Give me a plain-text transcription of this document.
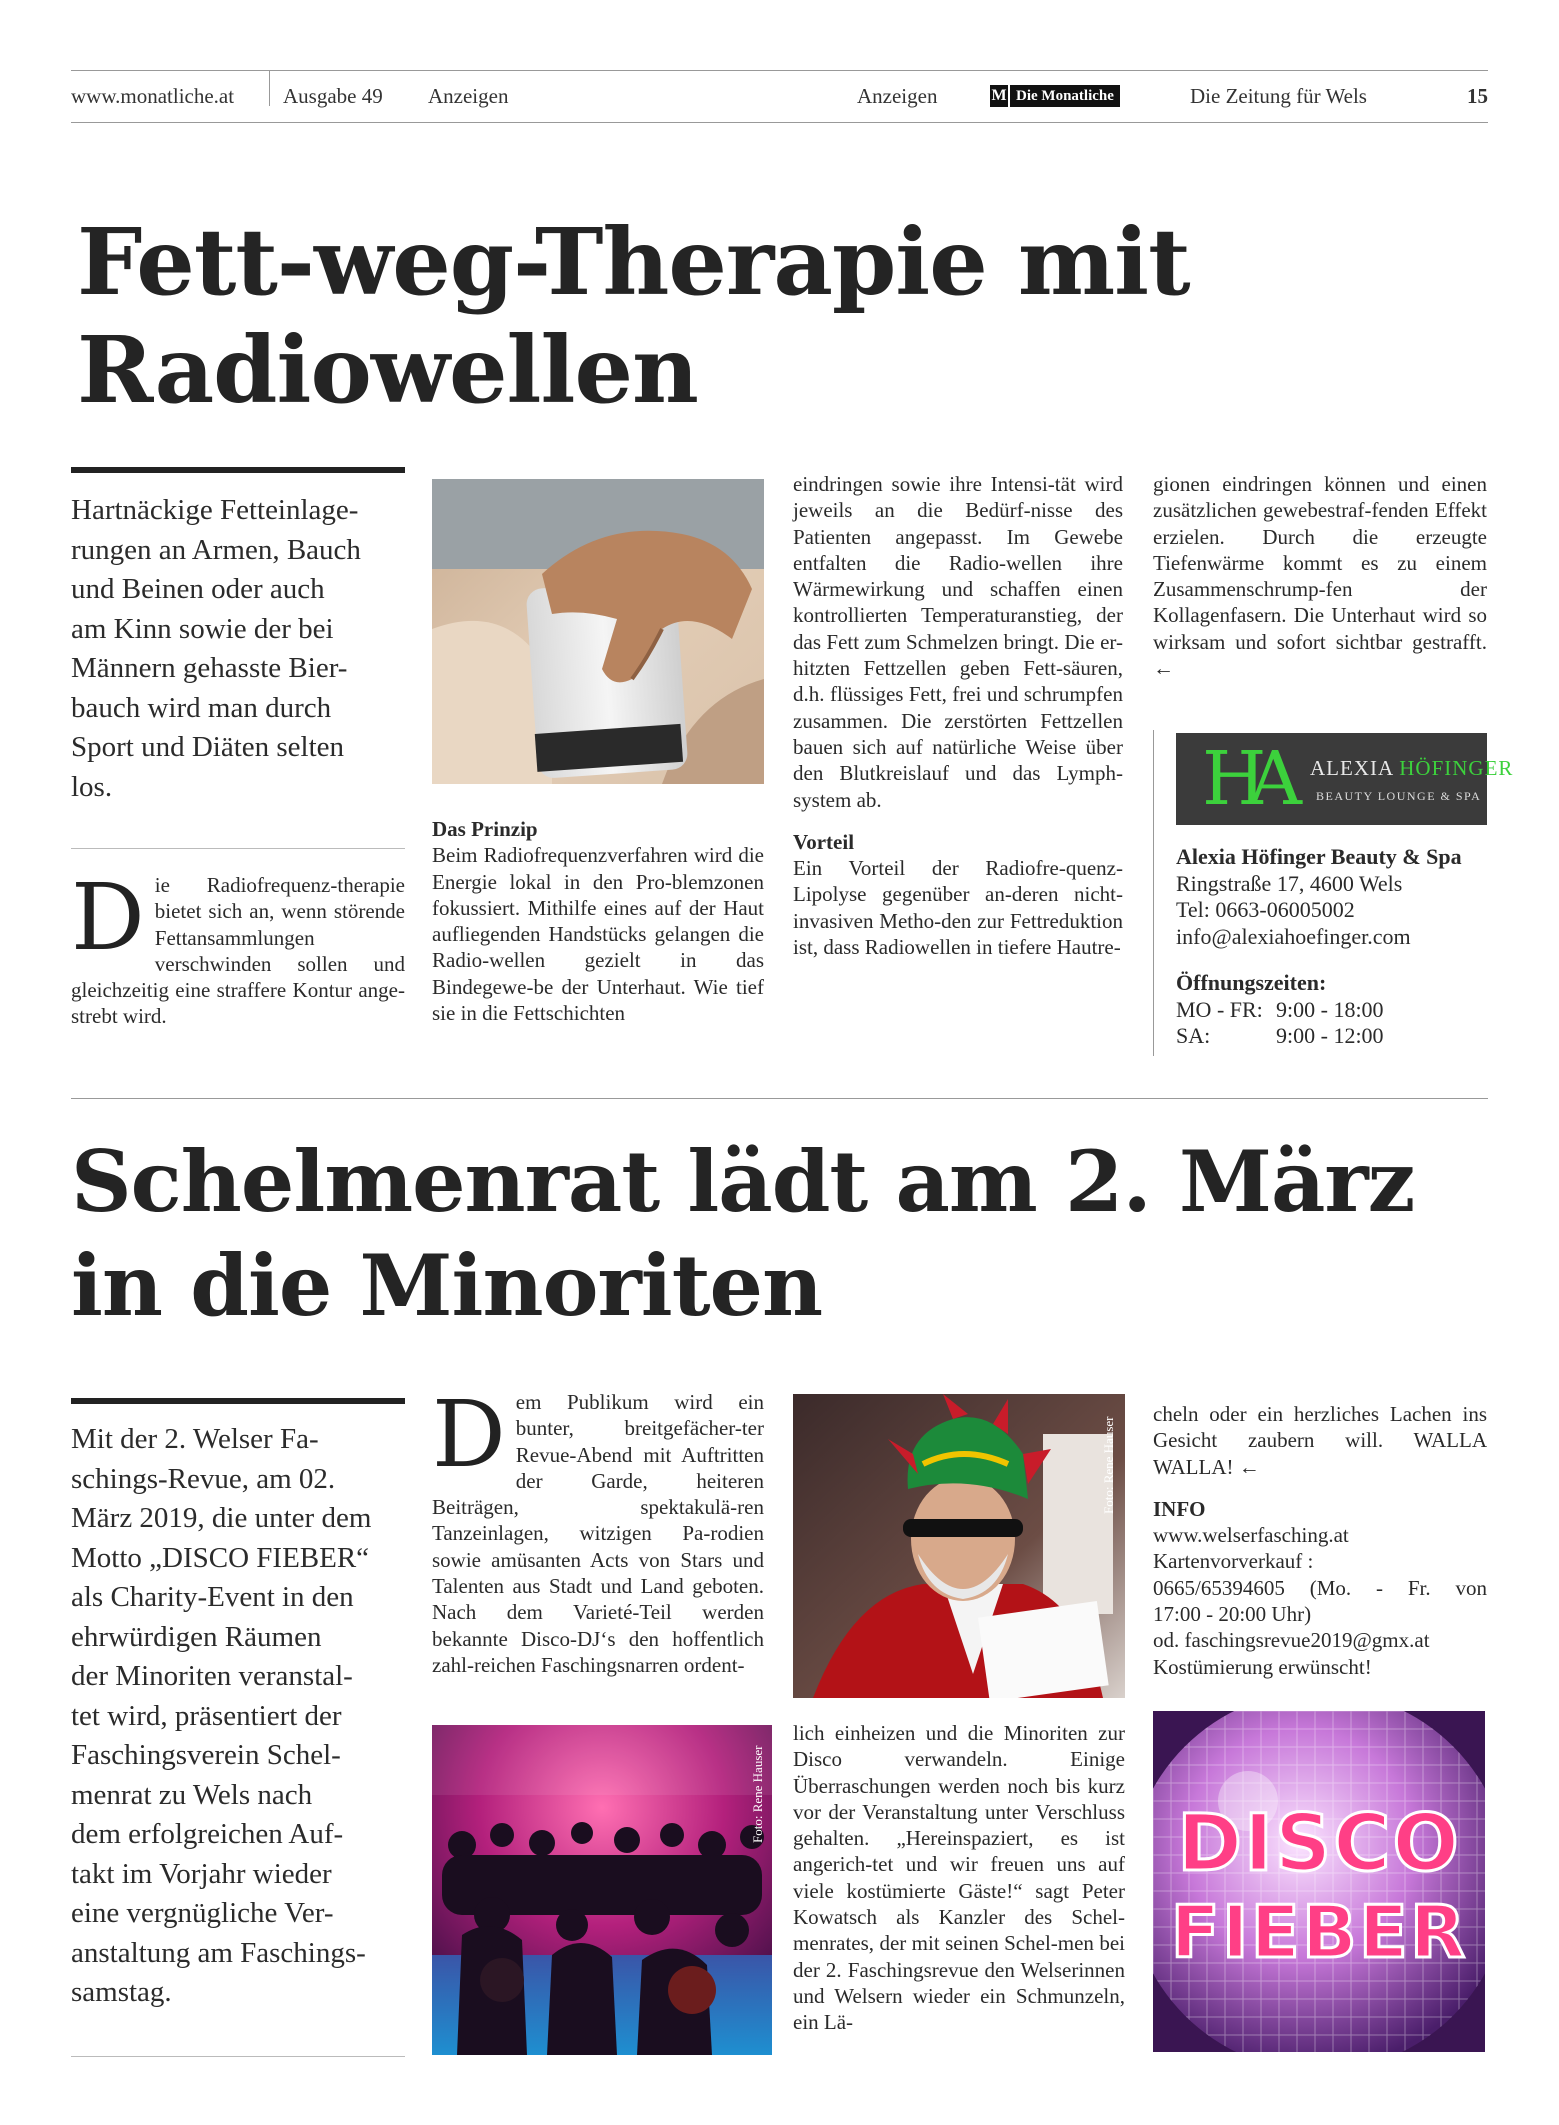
www.monatliche.at Ausgabe 49 Anzeigen	Anzeigen	M Die Monatliche	Die Zeitung für Wels	15
Fett-weg-Therapie mit
Radiowellen
Hartnäckige Fetteinlage-
rungen an Armen, Bauch
und Beinen oder auch
am Kinn sowie der bei
Männern gehasste Bier-
bauch wird man durch
Sport und Diäten selten
los.
D ie Radiofrequenz-therapie bietet sich an, wenn störende Fettansammlungen verschwinden sollen und gleichzeitig eine straffere Kontur ange-strebt wird.

Das Prinzip

Beim Radiofrequenzverfahren wird die Energie lokal in den Pro-blemzonen fokussiert. Mithilfe eines auf der Haut aufliegenden Handstücks gelangen die Radio-wellen gezielt in das Bindegewe-be der Unterhaut. Wie tief sie in die Fettschichten

eindringen sowie ihre Intensi-tät wird jeweils an die Bedürf-nisse des Patienten angepasst. Im Gewebe entfalten die Radio-wellen ihre Wärmewirkung und schaffen einen kontrollierten Temperaturanstieg, der das Fett zum Schmelzen bringt. Die er-hitzten Fettzellen geben Fett-säuren, d.h. flüssiges Fett, frei und schrumpfen zusammen. Die zerstörten Fettzellen bauen sich auf natürliche Weise über den Blutkreislauf und das Lymph-system ab.

Vorteil

Ein Vorteil der Radiofre-quenz-Lipolyse gegenüber an-deren nicht-invasiven Metho-den zur Fettreduktion ist, dass Radiowellen in tiefere Hautre-

gionen eindringen können und einen zusätzlichen gewebestraf-fenden Effekt erzielen. Durch die erzeugte Tiefenwärme kommt es zu einem Zusammenschrump-fen der Kollagenfasern. Die Unterhaut wird so wirksam und sofort sichtbar gestrafft. ←

HA ALEXIA HÖFINGER
BEAUTY LOUNGE & SPA
Alexia Höfinger Beauty & Spa
Ringstraße 17, 4600 Wels
Tel: 0663-06005002
info@alexiahoefinger.com
Öffnungszeiten:
MO - FR: 9:00 - 18:00
SA:	9:00 - 12:00
Schelmenrat lädt am 2. März
in die Minoriten
Mit der 2. Welser Fa-
schings-Revue, am 02.
März 2019, die unter dem
Motto „DISCO FIEBER“
als Charity-Event in den
ehrwürdigen Räumen
der Minoriten veranstal-
tet wird, präsentiert der
Faschingsverein Schel-
menrat zu Wels nach
dem erfolgreichen Auf-
takt im Vorjahr wieder
eine vergnügliche Ver-
anstaltung am Faschings-
samstag.
D em Publikum wird ein bunter, breitgefächer-ter Revue-Abend mit Auftritten der Garde, heiteren Beiträgen, spektakulä-ren Tanzeinlagen, witzigen Pa-rodien sowie amüsanten Acts von Stars und Talenten aus Stadt und Land geboten. Nach dem Varieté-Teil werden bekannte Disco-DJ‘s den hoffentlich zahl-reichen Faschingsnarren ordent-
Foto: Rene Hauser
Foto: Rene Hauser

lich einheizen und die Minoriten zur Disco verwandeln. Einige Überraschungen werden noch bis kurz vor der Veranstaltung unter Verschluss gehalten. „Hereinspaziert, es ist angerich-tet und wir freuen uns auf viele kostümierte Gäste!“ sagt Peter Kowatsch als Kanzler des Schel-menrates, der mit seinen Schel-men bei der 2. Faschingsrevue den Welserinnen und Welsern wieder ein Schmunzeln, ein Lä-

cheln oder ein herzliches Lachen ins Gesicht zaubern will. WALLA WALLA! ←

INFO

www.welserfasching.at

Kartenvorverkauf :

0665/65394605 (Mo. - Fr. von

17:00 - 20:00 Uhr)

od. faschingsrevue2019@gmx.at

Kostümierung erwünscht!

DISCO
FIEBER
